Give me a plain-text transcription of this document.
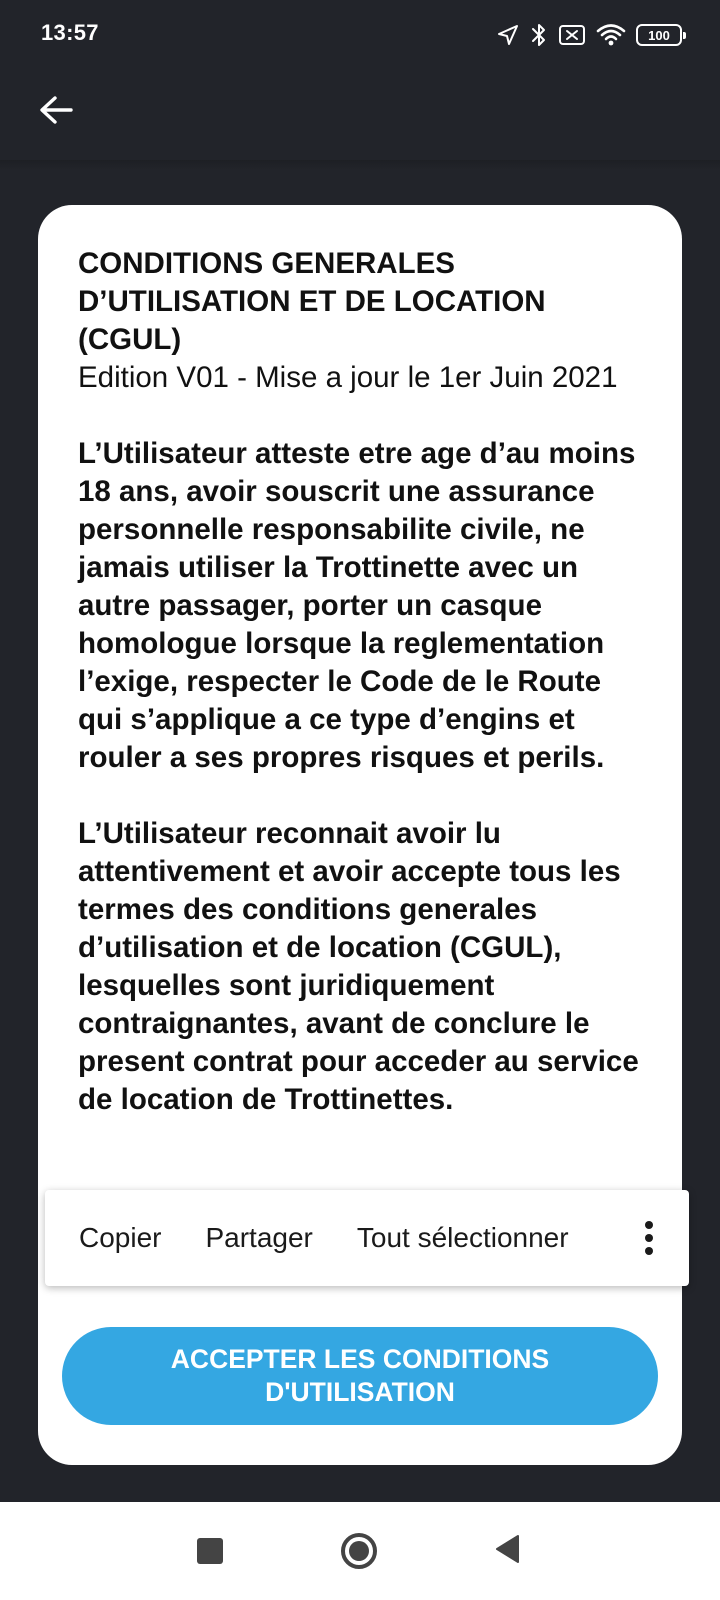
13:57	100
CONDITIONS GENERALES D’UTILISATION ET DE LOCATION (CGUL)
Edition V01 - Mise a jour le 1er Juin 2021
L’Utilisateur atteste etre age d’au moins 18 ans, avoir souscrit une assurance personnelle responsabilite civile, ne jamais utiliser la Trottinette avec un autre passager, porter un casque homologue lorsque la reglementation l’exige, respecter le Code de le Route qui s’applique a ce type d’engins et rouler a ses propres risques et perils.
L’Utilisateur reconnait avoir lu attentivement et avoir accepte tous les termes des conditions generales d’utilisation et de location (CGUL), lesquelles sont juridiquement contraignantes, avant de conclure le present contrat pour acceder au service de location de Trottinettes.
ACCEPTER LES CONDITIONS D'UTILISATION
Copier Partager Tout sélectionner
